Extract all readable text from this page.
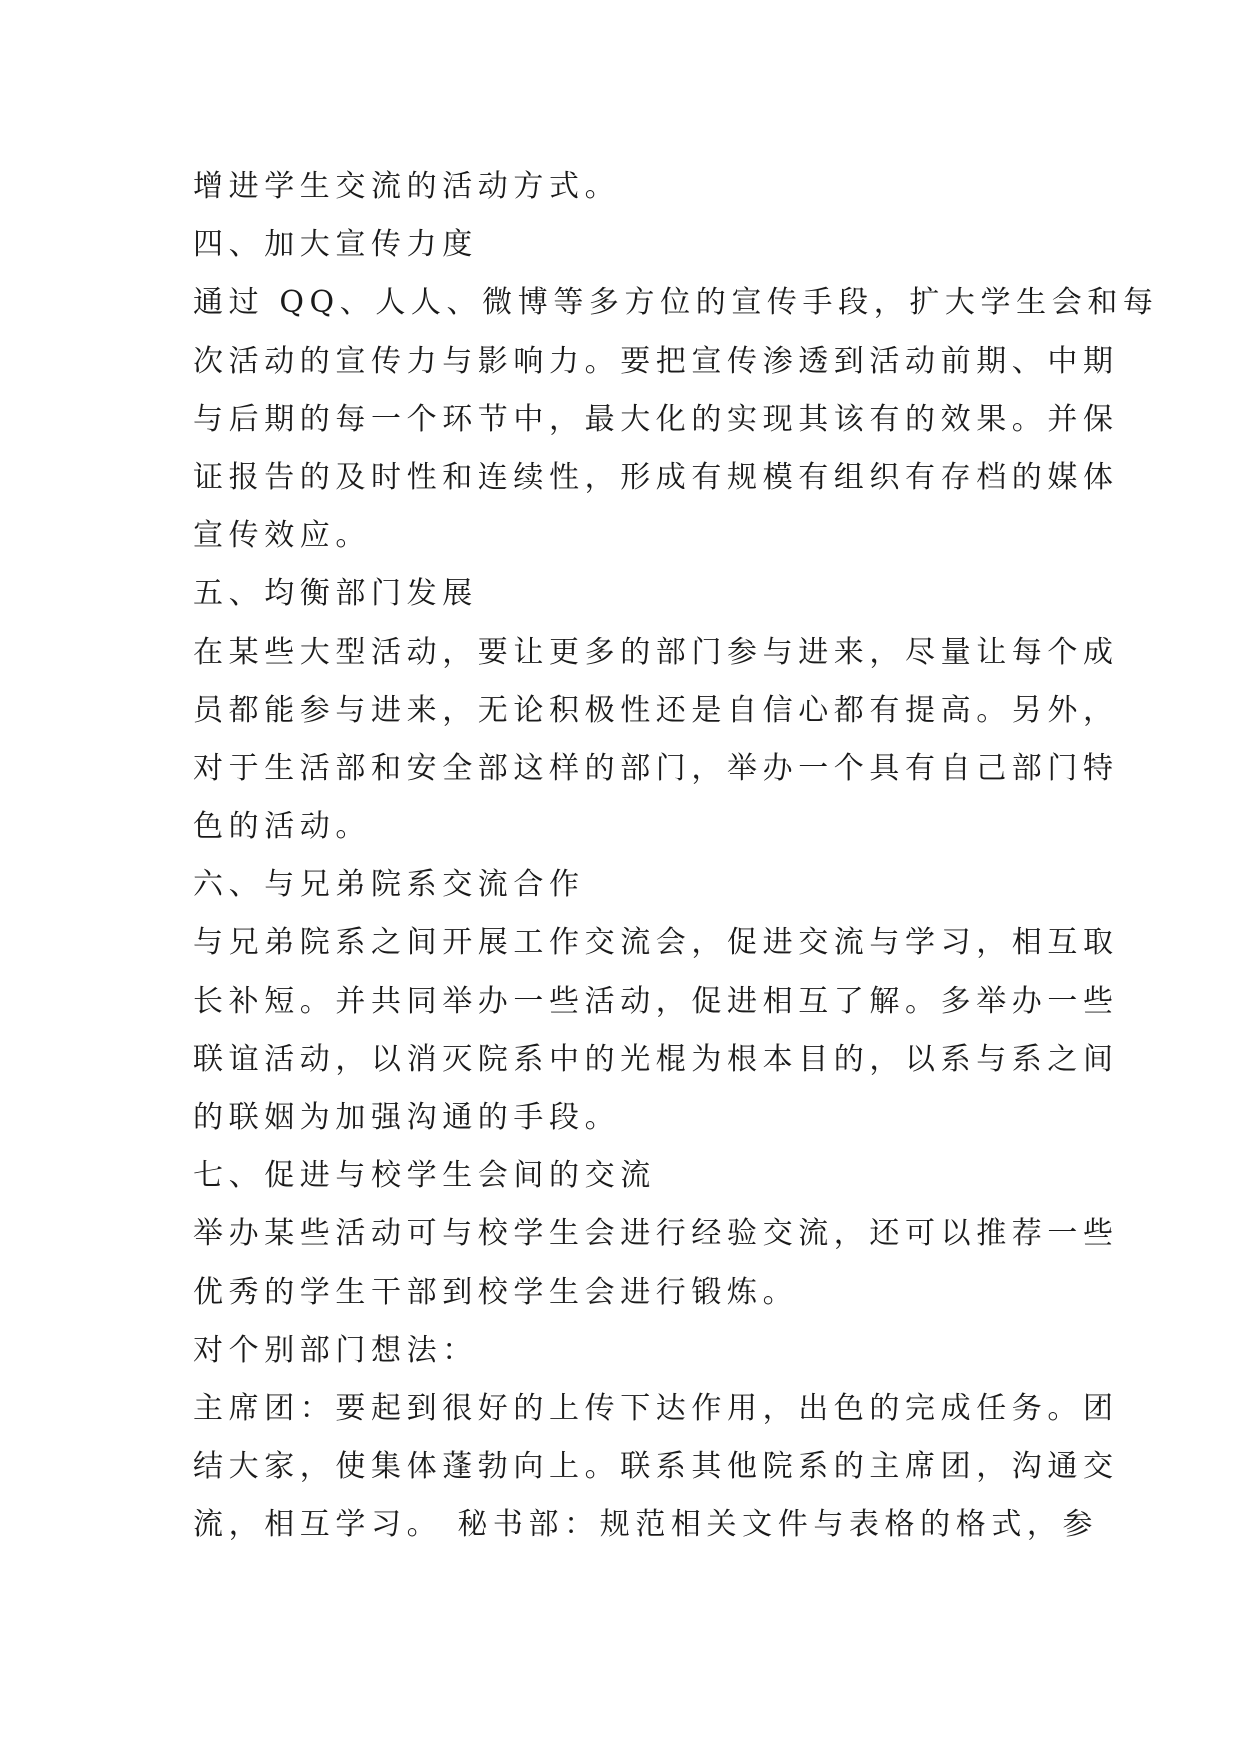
增进学生交流的活动方式。
四、加大宣传力度
通过 QQ、人人、微博等多方位的宣传手段，扩大学生会和每
次活动的宣传力与影响力。要把宣传渗透到活动前期、中期
与后期的每一个环节中，最大化的实现其该有的效果。并保
证报告的及时性和连续性，形成有规模有组织有存档的媒体
宣传效应。
五、均衡部门发展
在某些大型活动，要让更多的部门参与进来，尽量让每个成
员都能参与进来，无论积极性还是自信心都有提高。另外，
对于生活部和安全部这样的部门，举办一个具有自己部门特
色的活动。
六、与兄弟院系交流合作
与兄弟院系之间开展工作交流会，促进交流与学习，相互取
长补短。并共同举办一些活动，促进相互了解。多举办一些
联谊活动，以消灭院系中的光棍为根本目的，以系与系之间
的联姻为加强沟通的手段。
七、促进与校学生会间的交流
举办某些活动可与校学生会进行经验交流，还可以推荐一些
优秀的学生干部到校学生会进行锻炼。
对个别部门想法：
主席团：要起到很好的上传下达作用，出色的完成任务。团
结大家，使集体蓬勃向上。联系其他院系的主席团，沟通交
流，相互学习。 秘书部：规范相关文件与表格的格式，参
